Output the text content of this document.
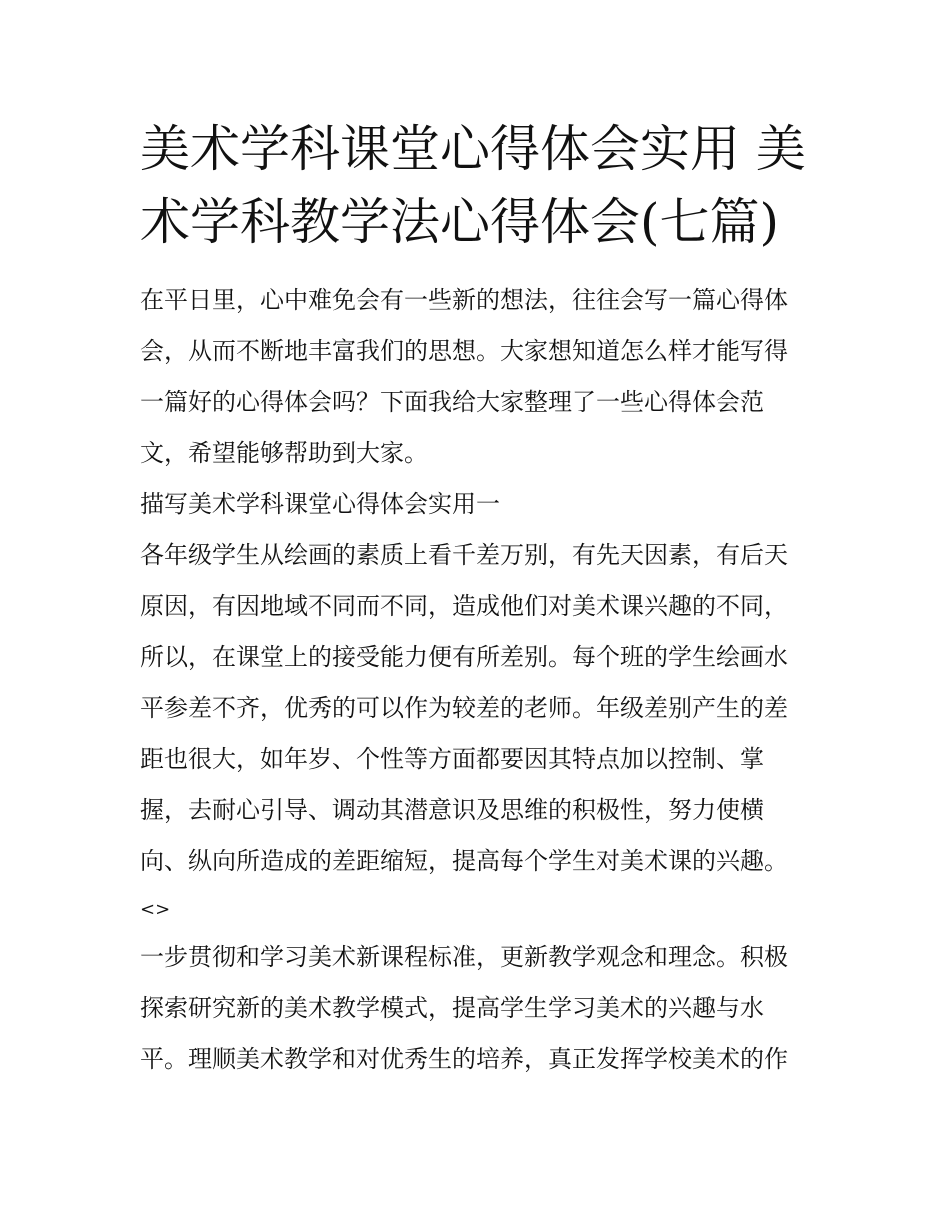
美术学科课堂心得体会实用 美
术学科教学法心得体会(七篇)
在平日里，心中难免会有一些新的想法，往往会写一篇心得体
会，从而不断地丰富我们的思想。大家想知道怎么样才能写得
一篇好的心得体会吗？下面我给大家整理了一些心得体会范
文，希望能够帮助到大家。
描写美术学科课堂心得体会实用一
各年级学生从绘画的素质上看千差万别，有先天因素，有后天
原因，有因地域不同而不同，造成他们对美术课兴趣的不同，
所以，在课堂上的接受能力便有所差别。每个班的学生绘画水
平参差不齐，优秀的可以作为较差的老师。年级差别产生的差
距也很大，如年岁、个性等方面都要因其特点加以控制、掌
握，去耐心引导、调动其潜意识及思维的积极性，努力使横
向、纵向所造成的差距缩短，提高每个学生对美术课的兴趣。
<>
一步贯彻和学习美术新课程标准，更新教学观念和理念。积极
探索研究新的美术教学模式，提高学生学习美术的兴趣与水
平。理顺美术教学和对优秀生的培养，真正发挥学校美术的作
